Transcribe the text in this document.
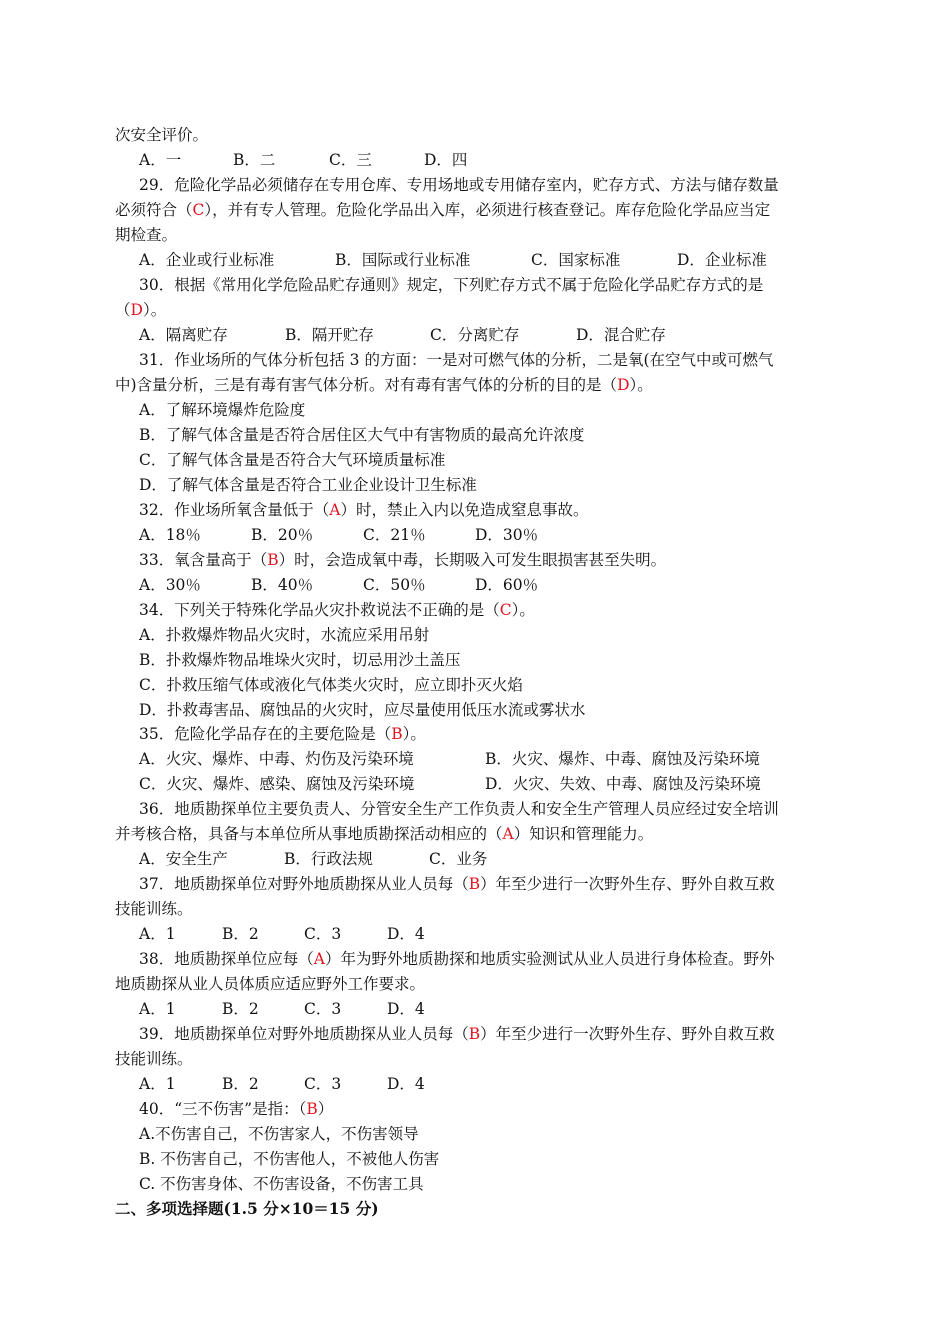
次安全评价。
A．一	B．二	C．三	D．四
29．危险化学品必须储存在专用仓库、专用场地或专用储存室内，贮存方式、方法与储存数量
必须符合（C），并有专人管理。危险化学品出入库，必须进行核查登记。库存危险化学品应当定
期检查。
A．企业或行业标准	B．国际或行业标准	C．国家标准	D．企业标准
30．根据《常用化学危险品贮存通则》规定，下列贮存方式不属于危险化学品贮存方式的是
（D）。
A．隔离贮存	B．隔开贮存	C．分离贮存	D．混合贮存
31．作业场所的气体分析包括 3 的方面：一是对可燃气体的分析，二是氧(在空气中或可燃气
中)含量分析，三是有毒有害气体分析。对有毒有害气体的分析的目的是（D）。
A．了解环境爆炸危险度
B．了解气体含量是否符合居住区大气中有害物质的最高允许浓度
C．了解气体含量是否符合大气环境质量标准
D．了解气体含量是否符合工业企业设计卫生标准
32．作业场所氧含量低于（A）时，禁止入内以免造成窒息事故。
A．18％	B．20％	C．21％	D．30％
33．氧含量高于（B）时，会造成氧中毒，长期吸入可发生眼损害甚至失明。
A．30％	B．40％	C．50％	D．60％
34．下列关于特殊化学品火灾扑救说法不正确的是（C）。
A．扑救爆炸物品火灾时，水流应采用吊射
B．扑救爆炸物品堆垛火灾时，切忌用沙土盖压
C．扑救压缩气体或液化气体类火灾时，应立即扑灭火焰
D．扑救毒害品、腐蚀品的火灾时，应尽量使用低压水流或雾状水
35．危险化学品存在的主要危险是（B）。
A．火灾、爆炸、中毒、灼伤及污染环境	B．火灾、爆炸、中毒、腐蚀及污染环境
C．火灾、爆炸、感染、腐蚀及污染环境	D．火灾、失效、中毒、腐蚀及污染环境
36．地质勘探单位主要负责人、分管安全生产工作负责人和安全生产管理人员应经过安全培训
并考核合格，具备与本单位所从事地质勘探活动相应的（A）知识和管理能力。
A．安全生产	B．行政法规	C．业务
37．地质勘探单位对野外地质勘探从业人员每（B）年至少进行一次野外生存、野外自救互救
技能训练。
A．1	B．2	C．3	D．4
38．地质勘探单位应每（A）年为野外地质勘探和地质实验测试从业人员进行身体检查。野外
地质勘探从业人员体质应适应野外工作要求。
A．1	B．2	C．3	D．4
39．地质勘探单位对野外地质勘探从业人员每（B）年至少进行一次野外生存、野外自救互救
技能训练。
A．1	B．2	C．3	D．4
40．“三不伤害”是指：（B）
A.不伤害自己，不伤害家人，不伤害领导
B. 不伤害自己，不伤害他人，不被他人伤害
C. 不伤害身体、不伤害设备，不伤害工具
二、多项选择题(1.5 分×10＝15 分)
